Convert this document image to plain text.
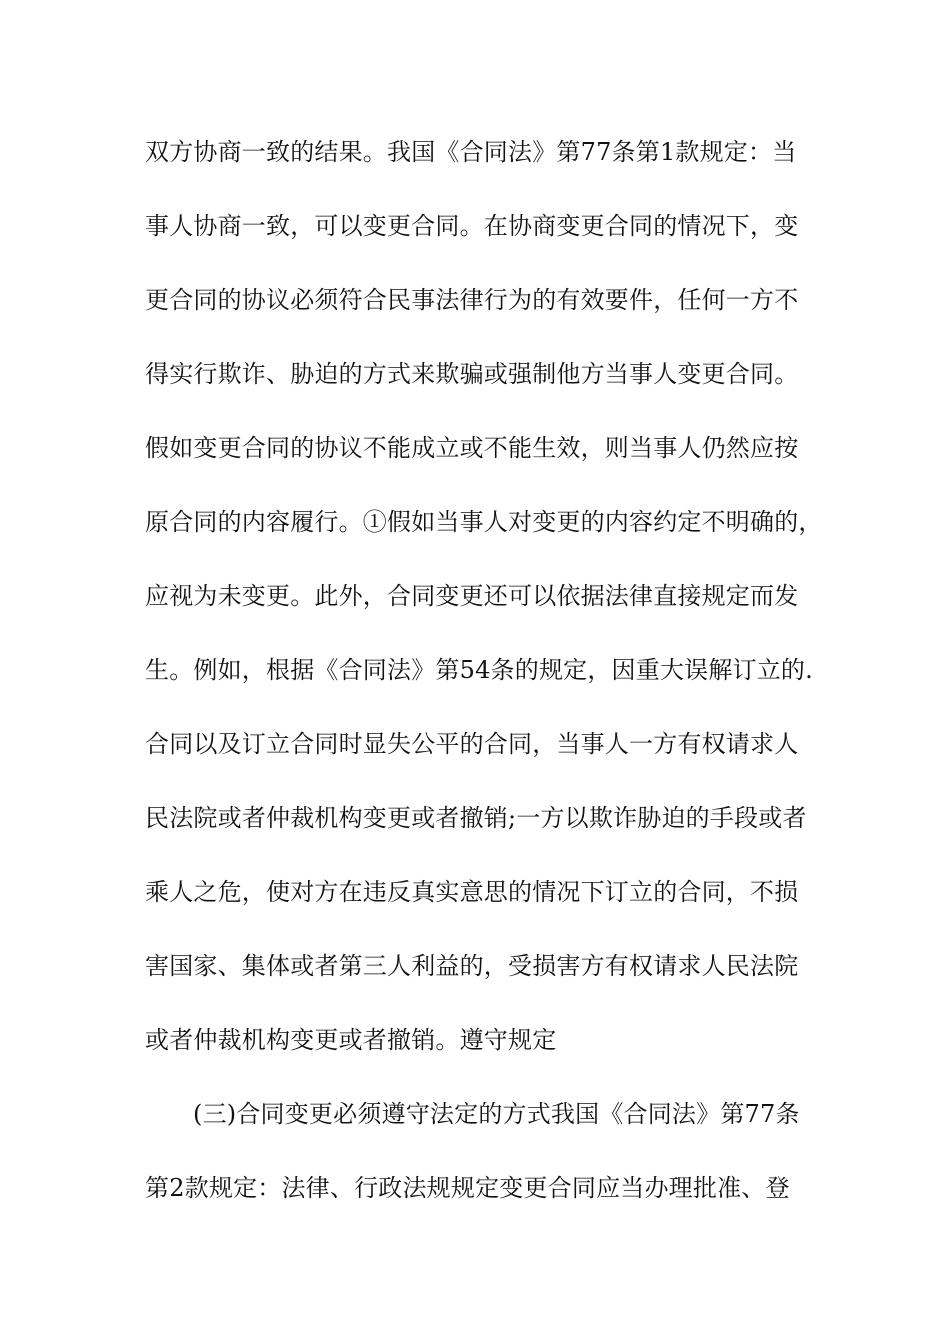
双方协商一致的结果。我国《合同法》第77条第1款规定：当
事人协商一致，可以变更合同。在协商变更合同的情况下，变
更合同的协议必须符合民事法律行为的有效要件，任何一方不
得实行欺诈、胁迫的方式来欺骗或强制他方当事人变更合同。
假如变更合同的协议不能成立或不能生效，则当事人仍然应按
原合同的内容履行。①假如当事人对变更的内容约定不明确的，
应视为未变更。此外，合同变更还可以依据法律直接规定而发
生。例如，根据《合同法》第54条的规定，因重大误解订立的.
合同以及订立合同时显失公平的合同，当事人一方有权请求人
民法院或者仲裁机构变更或者撤销;一方以欺诈胁迫的手段或者
乘人之危，使对方在违反真实意思的情况下订立的合同，不损
害国家、集体或者第三人利益的，受损害方有权请求人民法院
或者仲裁机构变更或者撤销。遵守规定
(三)合同变更必须遵守法定的方式我国《合同法》第77条
第2款规定：法律、行政法规规定变更合同应当办理批准、登
